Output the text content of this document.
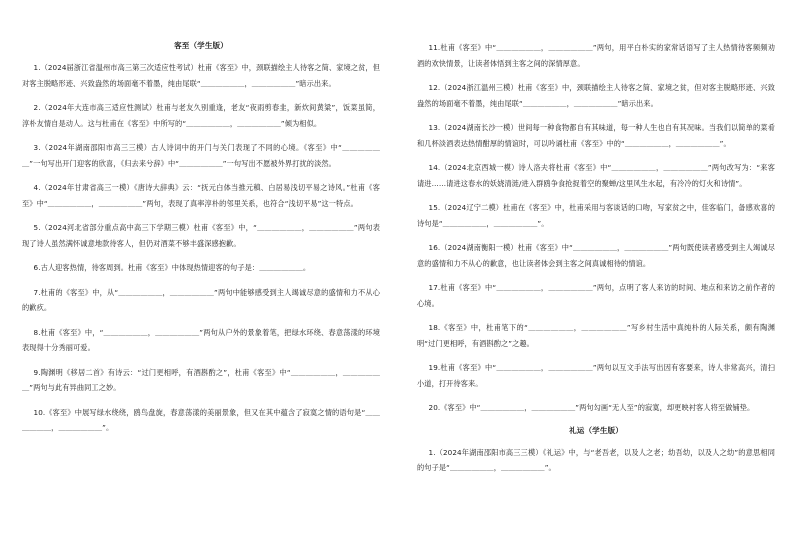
客至（学生版）

1.（2024届浙江省温州市高三第三次适应性考试）杜甫《客至》中，颈联描绘主人待客之简、家境之贫，但对客主脱略形迹、兴致盎然的场面毫不着墨，纯由尾联“＿＿＿＿＿＿，＿＿＿＿＿＿”暗示出来。

2.（2024年大连市高三适应性测试）杜甫与老友久别重逢，老友“夜雨剪春韭，新炊间黄粱”，饭菜虽简，淳朴友情自是动人。这与杜甫在《客至》中所写的“＿＿＿＿＿＿，＿＿＿＿＿＿”倾为相似。

3.（2024年湖南邵阳市高三三模）古人诗词中的开门与关门表现了不同的心境。《客至》中“＿＿＿＿＿＿”一句写出开门迎客的欣喜，《归去来兮辞》中“＿＿＿＿＿＿”一句写出不愿被外界打扰的淡然。

4.（2024年甘肃省高三一模）《唐诗大辞典》云：“抚元白体当推元稹、白居易浅切平易之诗风。”杜甫《客至》中“＿＿＿＿＿＿，＿＿＿＿＿＿”两句，表现了真率淳朴的邻里关系，也符合“浅切平易”这一特点。

5.（2024河北省部分重点高中高三下学期三模）杜甫《客至》中，“＿＿＿＿＿＿，＿＿＿＿＿＿”两句表现了诗人虽然满怀诚意地款待客人，但仍对酒菜不够丰盛深感抱歉。

6.古人迎客热情，待客周到。杜甫《客至》中体现热情迎客的句子是：＿＿＿＿＿＿。

7.杜甫的《客至》中，从“＿＿＿＿＿＿，＿＿＿＿＿＿”两句中能够感受到主人竭诚尽意的盛情和力不从心的歉疚。

8.杜甫《客至》中，“＿＿＿＿＿＿，＿＿＿＿＿＿”两句从户外的景象着笔，把绿水环绕、春意荡漾的环境表现得十分秀丽可爱。

9.陶渊明《移居二首》有诗云：“过门更相呼，有酒斟酌之”，杜甫《客至》中“＿＿＿＿＿＿，＿＿＿＿＿＿”两句与此有异曲同工之妙。

10.《客至》中展写绿水绕绕，鸥鸟盘旋，春意荡漾的美丽景象，但又在其中蕴含了寂寞之情的语句是“＿＿＿＿＿＿，＿＿＿＿＿＿”。

11.杜甫《客至》中“＿＿＿＿＿＿，＿＿＿＿＿＿”两句，用平白朴实的家常话语写了主人热情待客频频劝酒的欢快情景，让读者体悟到主客之间的深情厚意。

12.（2024浙江温州三模）杜甫《客至》中，颈联描绘主人待客之简、家境之贫，但对客主脱略形迹、兴致盎然的场面毫不着墨，纯由尾联“＿＿＿＿＿＿，＿＿＿＿＿＿”暗示出来。

13.（2024湖南长沙一模）世间每一种食物都自有其味道，每一种人生也自有其况味。当我们以简单的菜肴和几杯淡酒表达热情酣厚的情谊时，可以吟诵杜甫《客至》中的“＿＿＿＿＿＿，＿＿＿＿＿＿”。

14.（2024北京西城一模）诗人洛夫将杜甫《客至》中“＿＿＿＿＿＿，＿＿＿＿＿＿”两句改写为：“来客请进……请进这春水的妖娆清涟/进入群鸥争食抢捉着空的聚蝉/这里风生水起，有冷冷的灯火和诗情”。

15.（2024辽宁二模）杜甫在《客至》中，杜甫采用与客谈话的口吻，写家贫之中，佳客临门，备感欢喜的诗句是“＿＿＿＿＿＿，＿＿＿＿＿＿”。

16.（2024湖南衡阳一模）杜甫《客至》中“＿＿＿＿＿＿，＿＿＿＿＿＿”两句既使读者感受到主人竭诚尽意的盛情和力不从心的歉意，也让读者体会到主客之间真诚相待的情谊。

17.杜甫《客至》中“＿＿＿＿＿＿，＿＿＿＿＿＿”两句，点明了客人来访的时间、地点和来访之前作者的心境。

18.《客至》中，杜甫笔下的“＿＿＿＿＿＿，＿＿＿＿＿＿”写乡村生活中真纯朴的人际关系，颇有陶渊明“过门更相呼，有酒斟酌之”之趣。

19.杜甫《客至》中“＿＿＿＿＿＿，＿＿＿＿＿＿”两句以互文手法写出因有客要来，诗人非常高兴，清扫小道，打开待客来。

20.《客至》中“＿＿＿＿＿＿，＿＿＿＿＿＿”两句勾画“无人至”的寂寞，却更映衬客人将至做铺垫。

礼运（学生版）

1.（2024年湖南邵阳市高三三模）《礼运》中，与“老吾老，以及人之老；幼吾幼，以及人之幼”的意思相同的句子是“＿＿＿＿＿＿，＿＿＿＿＿＿”。
